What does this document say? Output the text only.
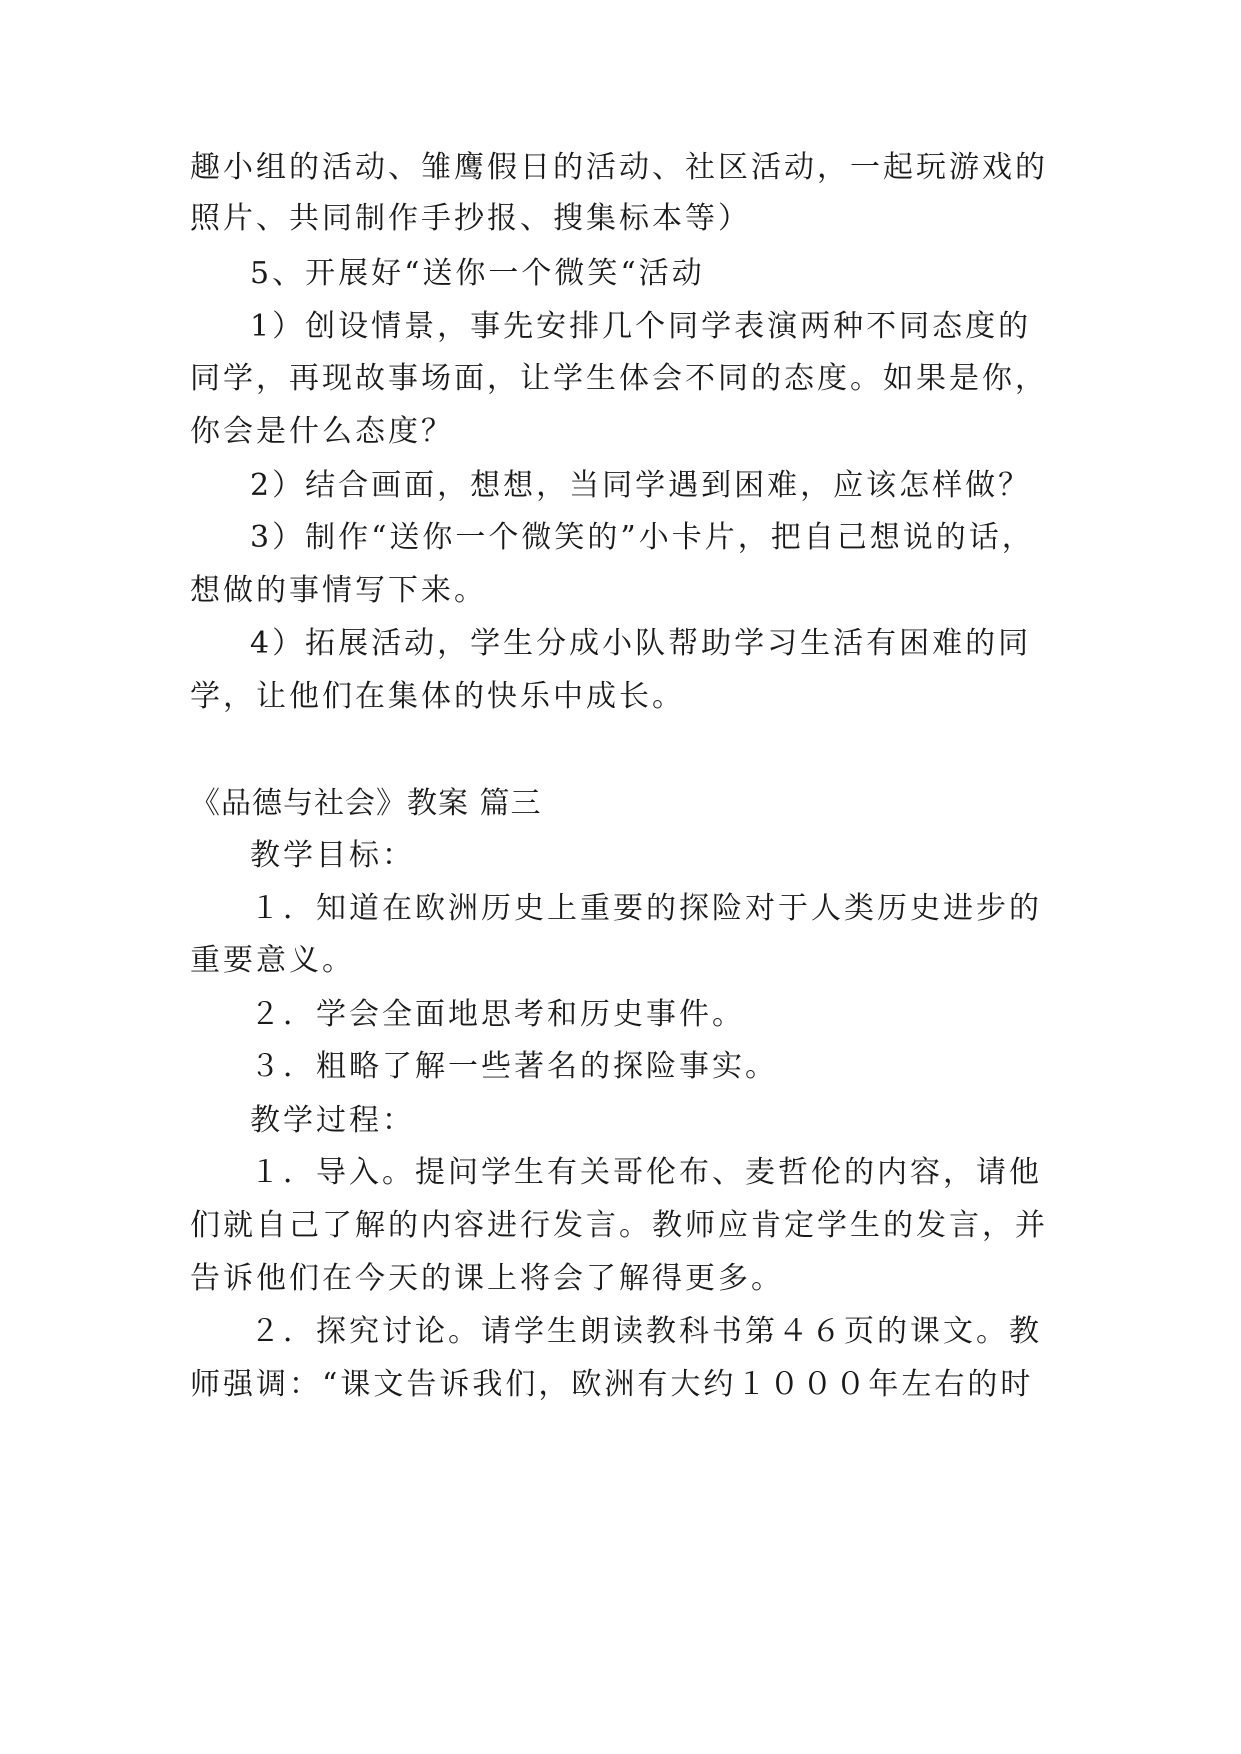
趣小组的活动、雏鹰假日的活动、社区活动，一起玩游戏的
照片、共同制作手抄报、搜集标本等）
5、开展好“送你一个微笑“活动
1）创设情景，事先安排几个同学表演两种不同态度的
同学，再现故事场面，让学生体会不同的态度。如果是你，
你会是什么态度？
2）结合画面，想想，当同学遇到困难，应该怎样做？
3）制作“送你一个微笑的”小卡片，把自己想说的话，
想做的事情写下来。
4）拓展活动，学生分成小队帮助学习生活有困难的同
学，让他们在集体的快乐中成长。
《品德与社会》教案 篇三
教学目标：
１．知道在欧洲历史上重要的探险对于人类历史进步的
重要意义。
２．学会全面地思考和历史事件。
３．粗略了解一些著名的探险事实。
教学过程：
１．导入。提问学生有关哥伦布、麦哲伦的内容，请他
们就自己了解的内容进行发言。教师应肯定学生的发言，并
告诉他们在今天的课上将会了解得更多。
２．探究讨论。请学生朗读教科书第４６页的课文。教
师强调：“课文告诉我们，欧洲有大约１０００年左右的时
